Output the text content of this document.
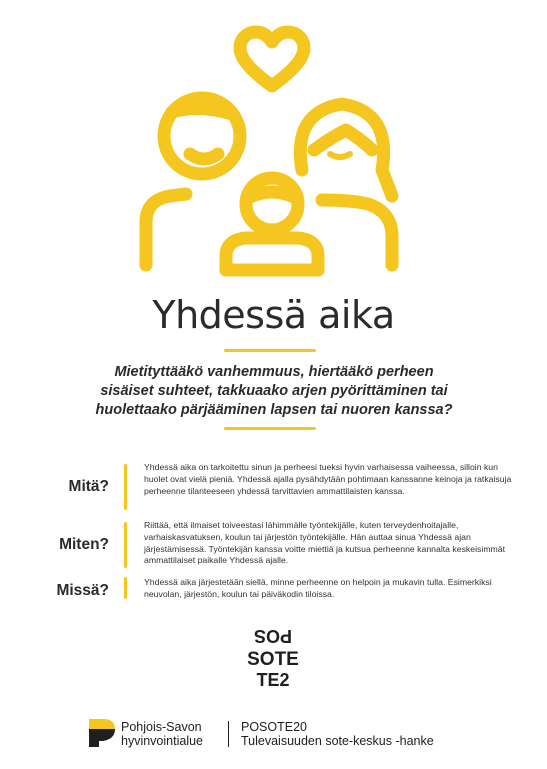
Yhdessä aika
Mietityttääkö vanhemmuus, hiertääkö perheen sisäiset suhteet, takkuaako arjen pyörittäminen tai huolettaako pärjääminen lapsen tai nuoren kanssa?
Mitä?
Yhdessä aika on tarkoitettu sinun ja perheesi tueksi hyvin varhaisessa vaiheessa, silloin kun huolet ovat vielä pieniä. Yhdessä ajalla pysähdytään pohtimaan kanssanne keinoja ja ratkaisuja perheenne tilanteeseen yhdessä tarvittavien ammattilaisten kanssa.
Miten?
Riittää, että ilmaiset toiveestasi lähimmälle työntekijälle, kuten terveydenhoitajalle, varhaiskasvatuksen, koulun tai järjestön työntekijälle. Hän auttaa sinua Yhdessä ajan järjestämisessä. Työntekijän kanssa voitte miettiä ja kutsua perheenne kannalta keskeisimmät ammattilaiset paikalle Yhdessä ajalle.
Missä?	Yhdessä aika järjestetään siellä, minne perheenne on helpoin ja mukavin tulla. Esimerkiksi neuvolan, järjestön, koulun tai päiväkodin tiloissa.
POS
SOTE
TE2
Pohjois-Savon
hyvinvointialue
POSOTE20
Tulevaisuuden sote-keskus -hanke
